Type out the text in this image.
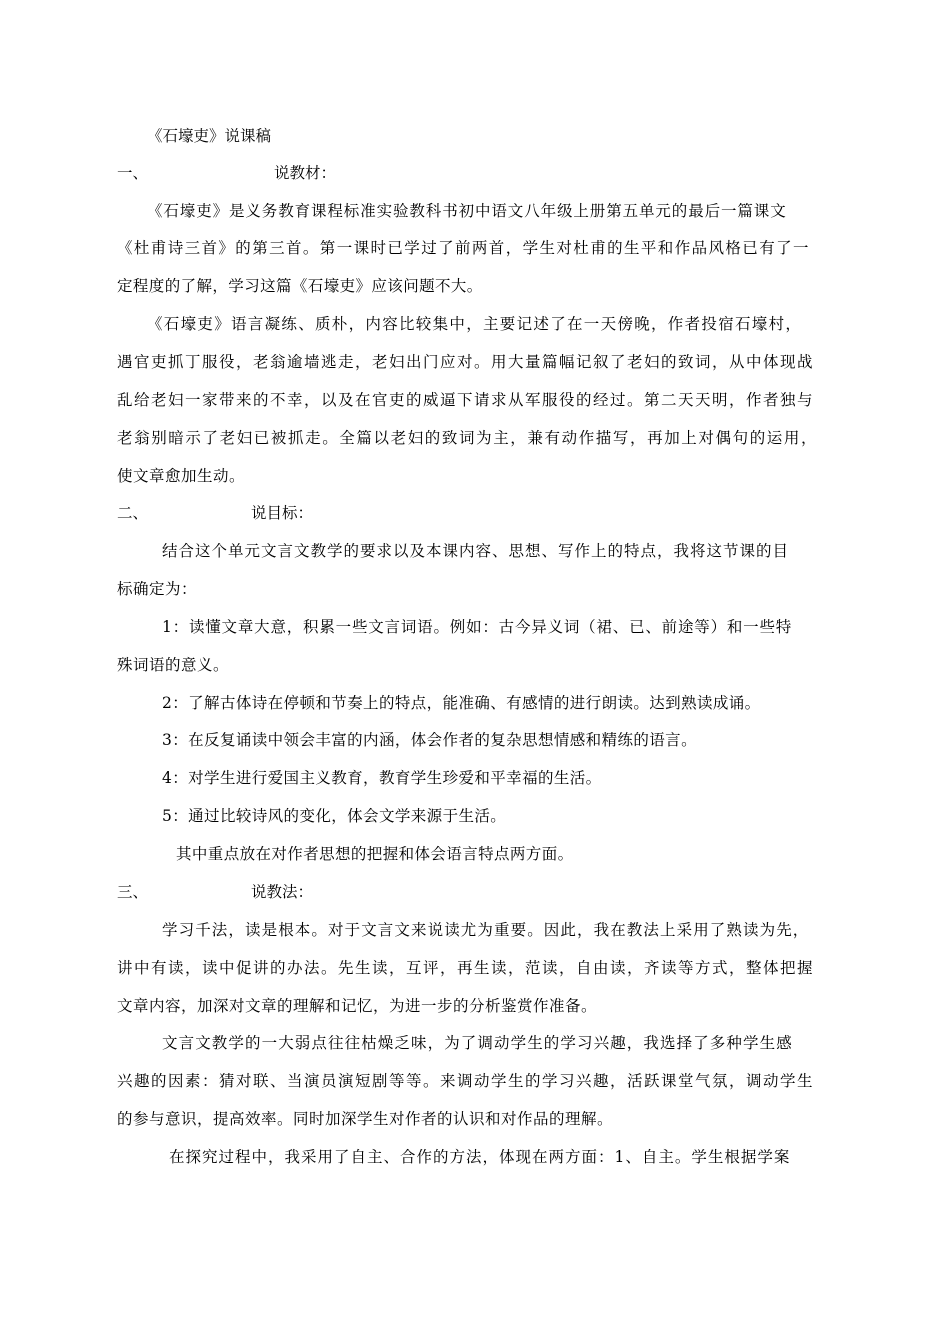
《石壕吏》说课稿
一、	说教材：
《石壕吏》是义务教育课程标准实验教科书初中语文八年级上册第五单元的最后一篇课文
《杜甫诗三首》的第三首。第一课时已学过了前两首，学生对杜甫的生平和作品风格已有了一
定程度的了解，学习这篇《石壕吏》应该问题不大。
《石壕吏》语言凝练、质朴，内容比较集中，主要记述了在一天傍晚，作者投宿石壕村，
遇官吏抓丁服役，老翁逾墙逃走，老妇出门应对。用大量篇幅记叙了老妇的致词，从中体现战
乱给老妇一家带来的不幸，以及在官吏的威逼下请求从军服役的经过。第二天天明，作者独与
老翁别暗示了老妇已被抓走。全篇以老妇的致词为主，兼有动作描写，再加上对偶句的运用，
使文章愈加生动。
二、	说目标：
结合这个单元文言文教学的要求以及本课内容、思想、写作上的特点，我将这节课的目
标确定为：
1：读懂文章大意，积累一些文言词语。例如：古今异义词（裙、已、前途等）和一些特
殊词语的意义。
2：了解古体诗在停顿和节奏上的特点，能准确、有感情的进行朗读。达到熟读成诵。
3：在反复诵读中领会丰富的内涵，体会作者的复杂思想情感和精练的语言。
4：对学生进行爱国主义教育，教育学生珍爱和平幸福的生活。
5：通过比较诗风的变化，体会文学来源于生活。
其中重点放在对作者思想的把握和体会语言特点两方面。
三、	说教法：
学习千法，读是根本。对于文言文来说读尤为重要。因此，我在教法上采用了熟读为先，
讲中有读，读中促讲的办法。先生读，互评，再生读，范读，自由读，齐读等方式，整体把握
文章内容，加深对文章的理解和记忆，为进一步的分析鉴赏作准备。
文言文教学的一大弱点往往枯燥乏味，为了调动学生的学习兴趣，我选择了多种学生感
兴趣的因素：猜对联、当演员演短剧等等。来调动学生的学习兴趣，活跃课堂气氛，调动学生
的参与意识，提高效率。同时加深学生对作者的认识和对作品的理解。
在探究过程中，我采用了自主、合作的方法，体现在两方面：1、自主。学生根据学案
